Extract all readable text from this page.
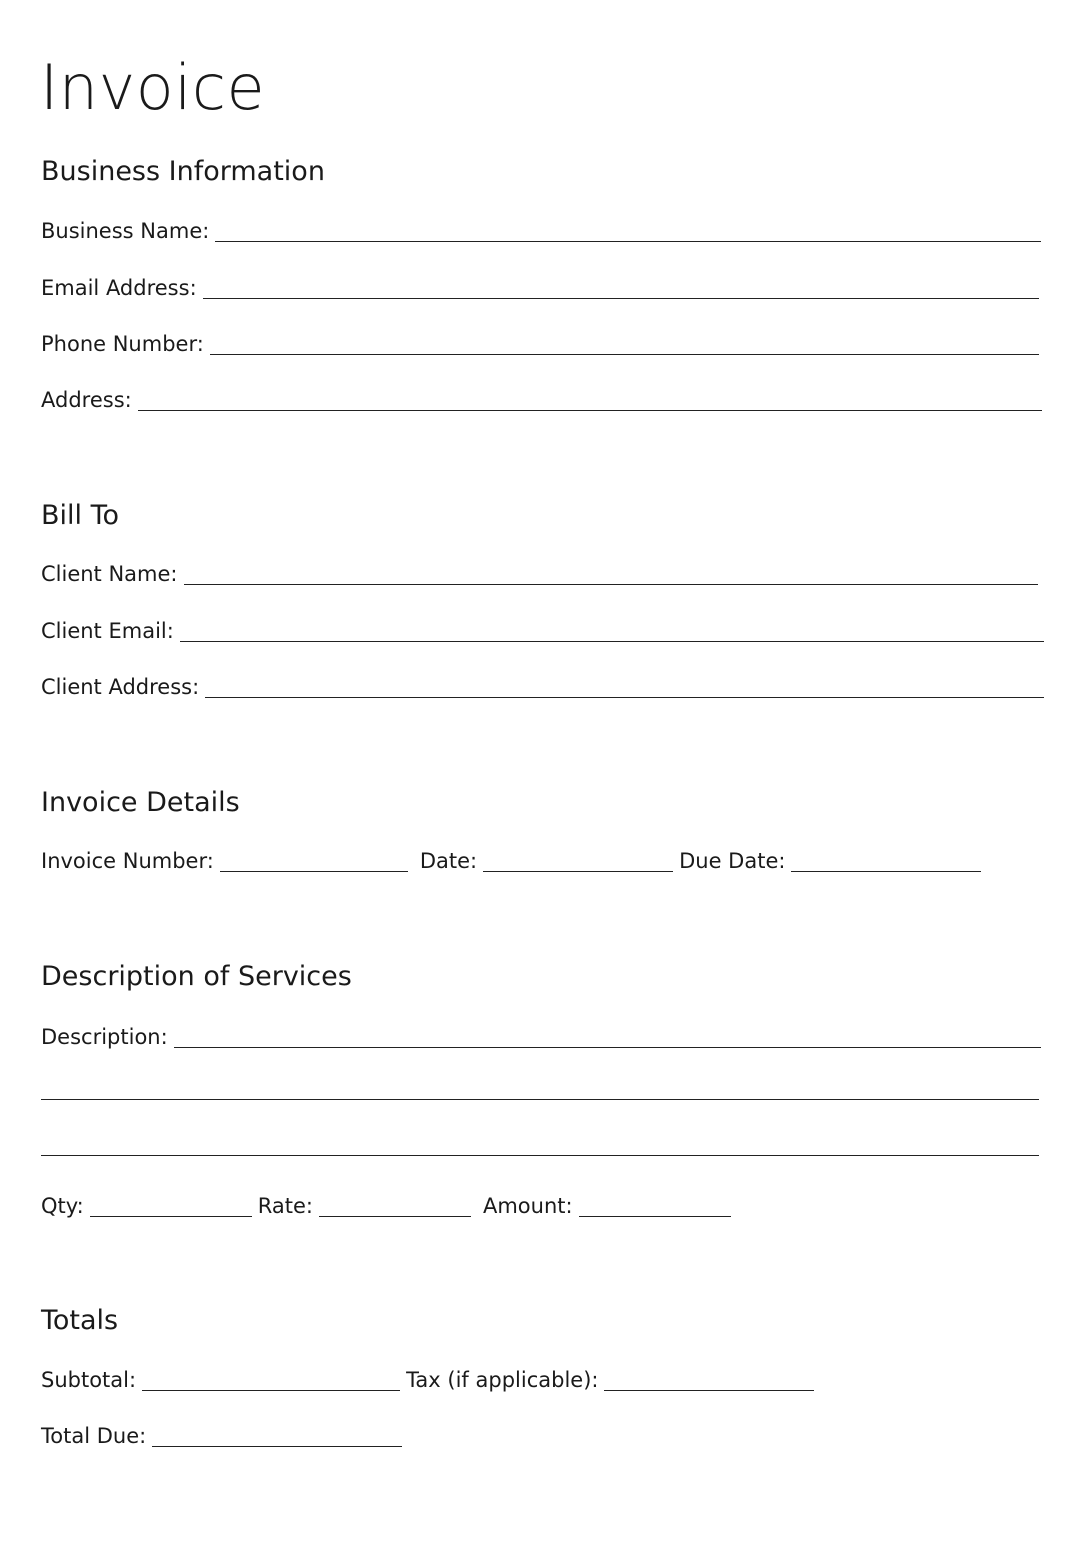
Invoice
Business Information
Business Name:
Email Address:
Phone Number:
Address:
Bill To
Client Name:
Client Email:
Client Address:
Invoice Details
Invoice Number:	Date:	Due Date:
Description of Services
Description:
Qty:	Rate:	Amount:
Totals
Subtotal:	Tax (if applicable):
Total Due:
